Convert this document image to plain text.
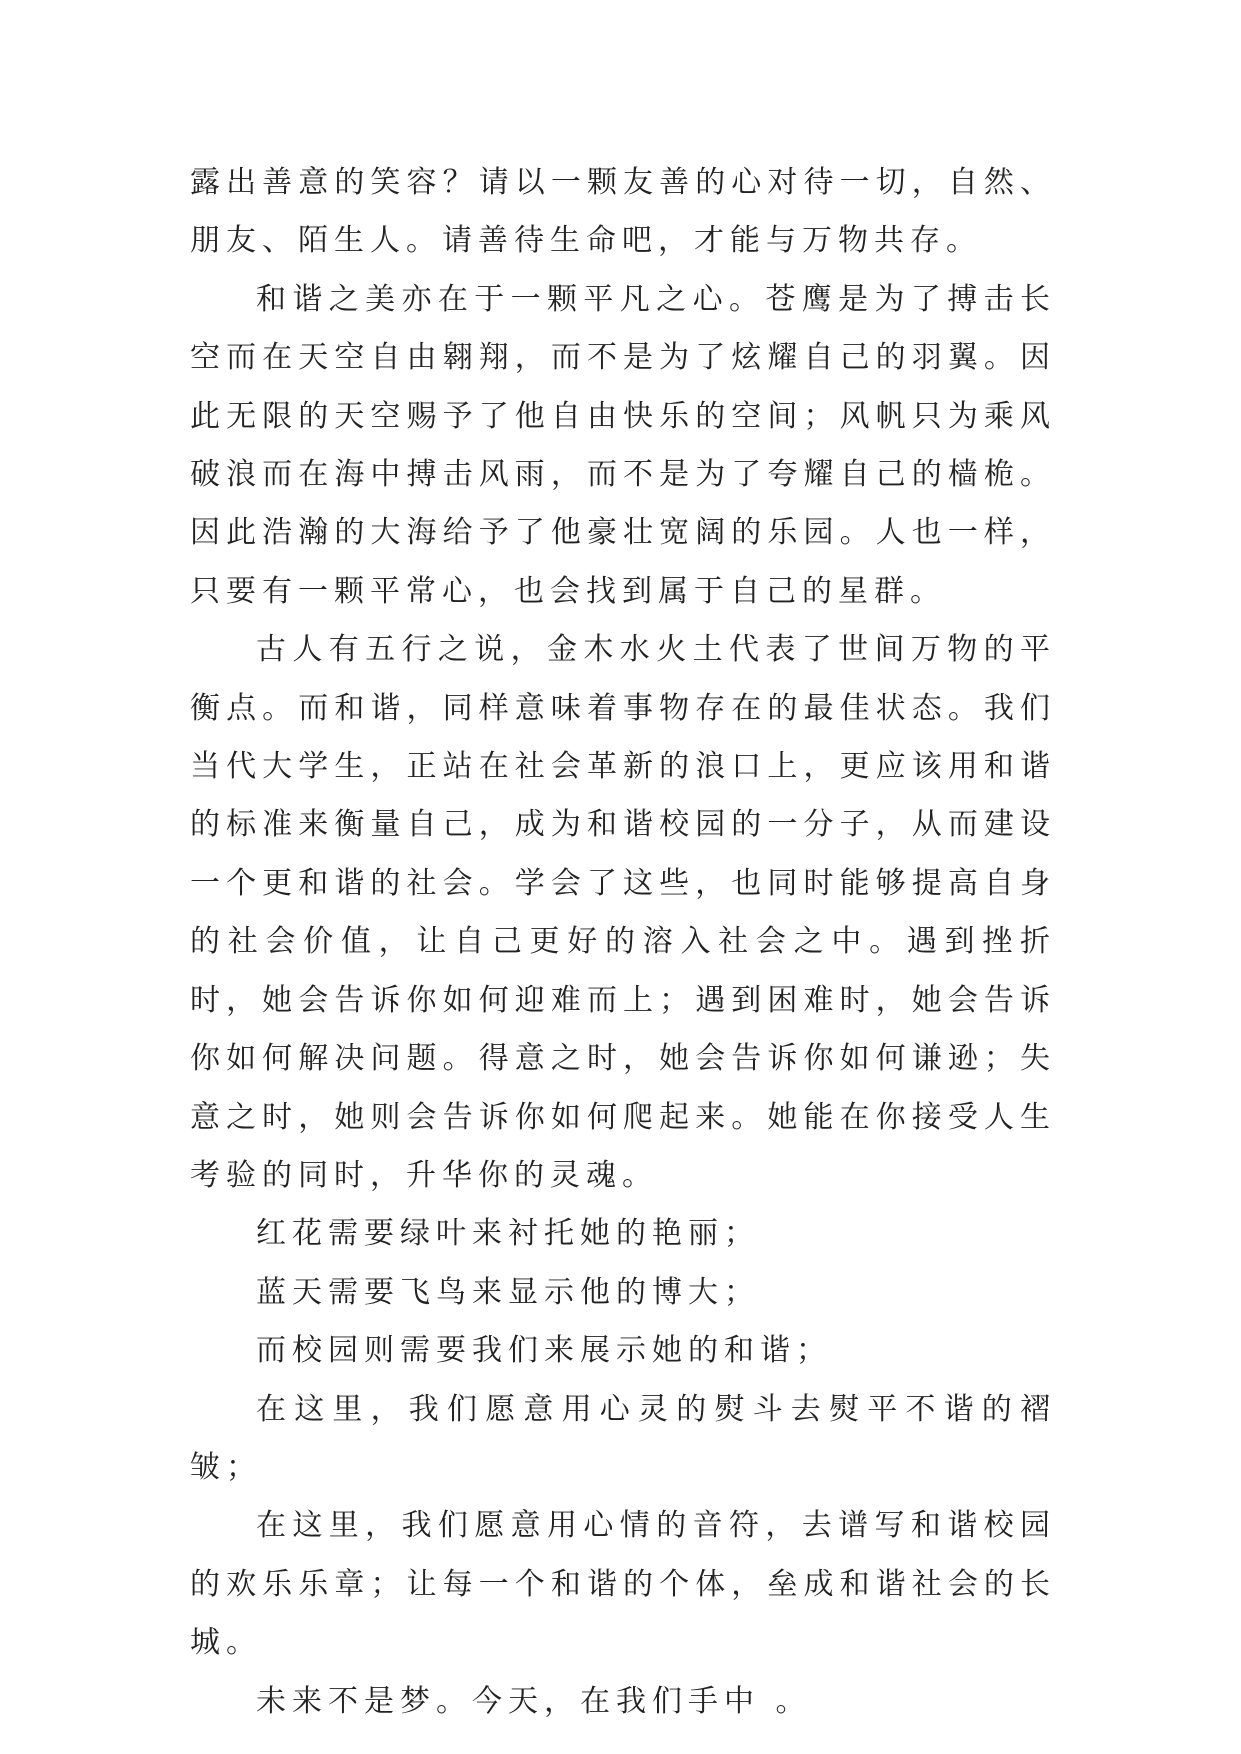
露出善意的笑容？请以一颗友善的心对待一切，自然、朋友、陌生人。请善待生命吧，才能与万物共存。

和谐之美亦在于一颗平凡之心。苍鹰是为了搏击长空而在天空自由翱翔，而不是为了炫耀自己的羽翼。因此无限的天空赐予了他自由快乐的空间；风帆只为乘风破浪而在海中搏击风雨，而不是为了夸耀自己的樯桅。因此浩瀚的大海给予了他豪壮宽阔的乐园。人也一样，只要有一颗平常心，也会找到属于自己的星群。

古人有五行之说，金木水火土代表了世间万物的平衡点。而和谐，同样意味着事物存在的最佳状态。我们当代大学生，正站在社会革新的浪口上，更应该用和谐的标准来衡量自己，成为和谐校园的一分子，从而建设一个更和谐的社会。学会了这些，也同时能够提高自身的社会价值，让自己更好的溶入社会之中。遇到挫折时，她会告诉你如何迎难而上；遇到困难时，她会告诉你如何解决问题。得意之时，她会告诉你如何谦逊；失意之时，她则会告诉你如何爬起来。她能在你接受人生考验的同时，升华你的灵魂。

红花需要绿叶来衬托她的艳丽；

蓝天需要飞鸟来显示他的博大；

而校园则需要我们来展示她的和谐；

在这里，我们愿意用心灵的熨斗去熨平不谐的褶皱；

在这里，我们愿意用心情的音符，去谱写和谐校园的欢乐乐章；让每一个和谐的个体，垒成和谐社会的长城。

未来不是梦。今天，在我们手中 。
